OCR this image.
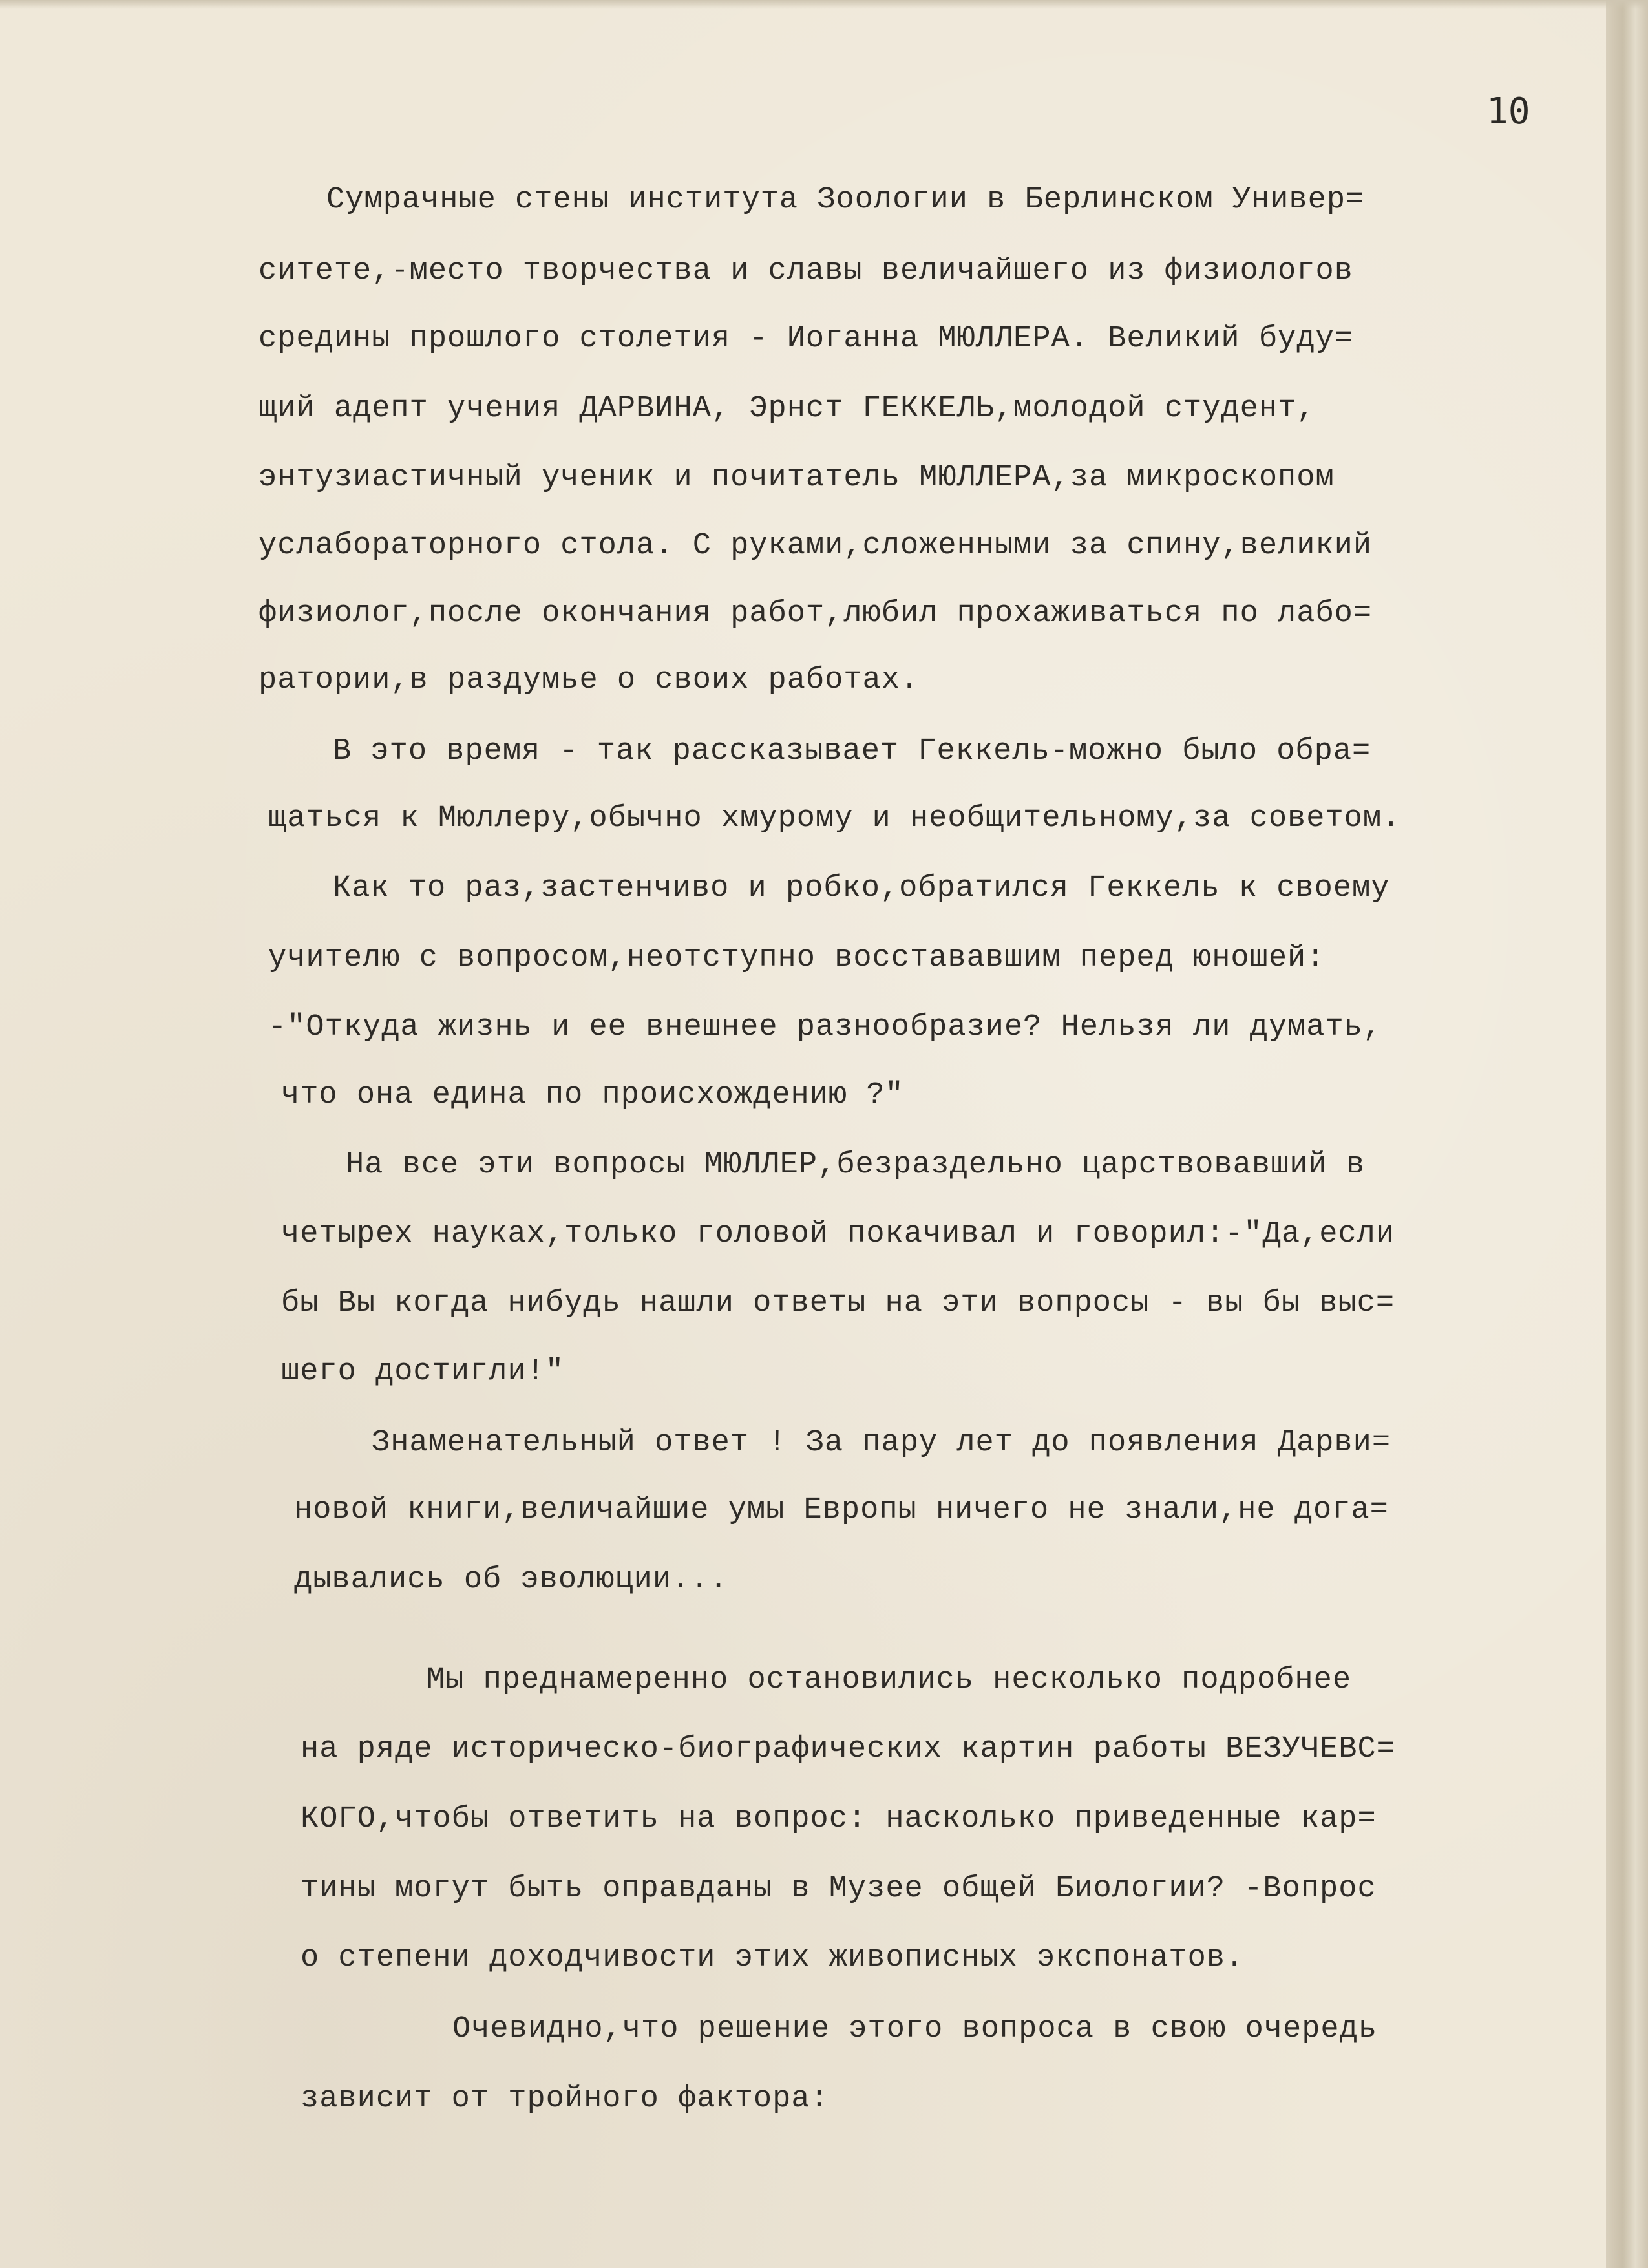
10
Сумрачные стены института Зоологии в Берлинском Универ=
ситете,-место творчества и славы величайшего из физиологов
средины прошлого столетия - Иоганна МЮЛЛЕРА. Великий буду=
щий адепт учения ДАРВИНА, Эрнст ГЕККЕЛЬ,молодой студент,
энтузиастичный ученик и почитатель МЮЛЛЕРА,за микроскопом
услабораторного стола. С руками,сложенными за спину,великий
физиолог,после окончания работ,любил прохаживаться по лабо=
ратории,в раздумье о своих работах.
В это время - так рассказывает Геккель-можно было обра=
щаться к Мюллеру,обычно хмурому и необщительному,за советом.
Как то раз,застенчиво и робко,обратился Геккель к своему
учителю с вопросом,неотступно восстававшим перед юношей:
-"Откуда жизнь и ее внешнее разнообразие? Нельзя ли думать,
что она едина по происхождению ?"
На все эти вопросы МЮЛЛЕР,безраздельно царствовавший в
четырех науках,только головой покачивал и говорил:-"Да,если
бы Вы когда нибудь нашли ответы на эти вопросы - вы бы выс=
шего достигли!"
Знаменательный ответ ! За пару лет до появления Дарви=
новой книги,величайшие умы Европы ничего не знали,не дога=
дывались об эволюции...
Мы преднамеренно остановились несколько подробнее
на ряде историческо-биографических картин работы ВЕЗУЧЕВС=
КОГО,чтобы ответить на вопрос: насколько приведенные кар=
тины могут быть оправданы в Музее общей Биологии? -Вопрос
о степени доходчивости этих живописных экспонатов.
Очевидно,что решение этого вопроса в свою очередь
зависит от тройного фактора:
